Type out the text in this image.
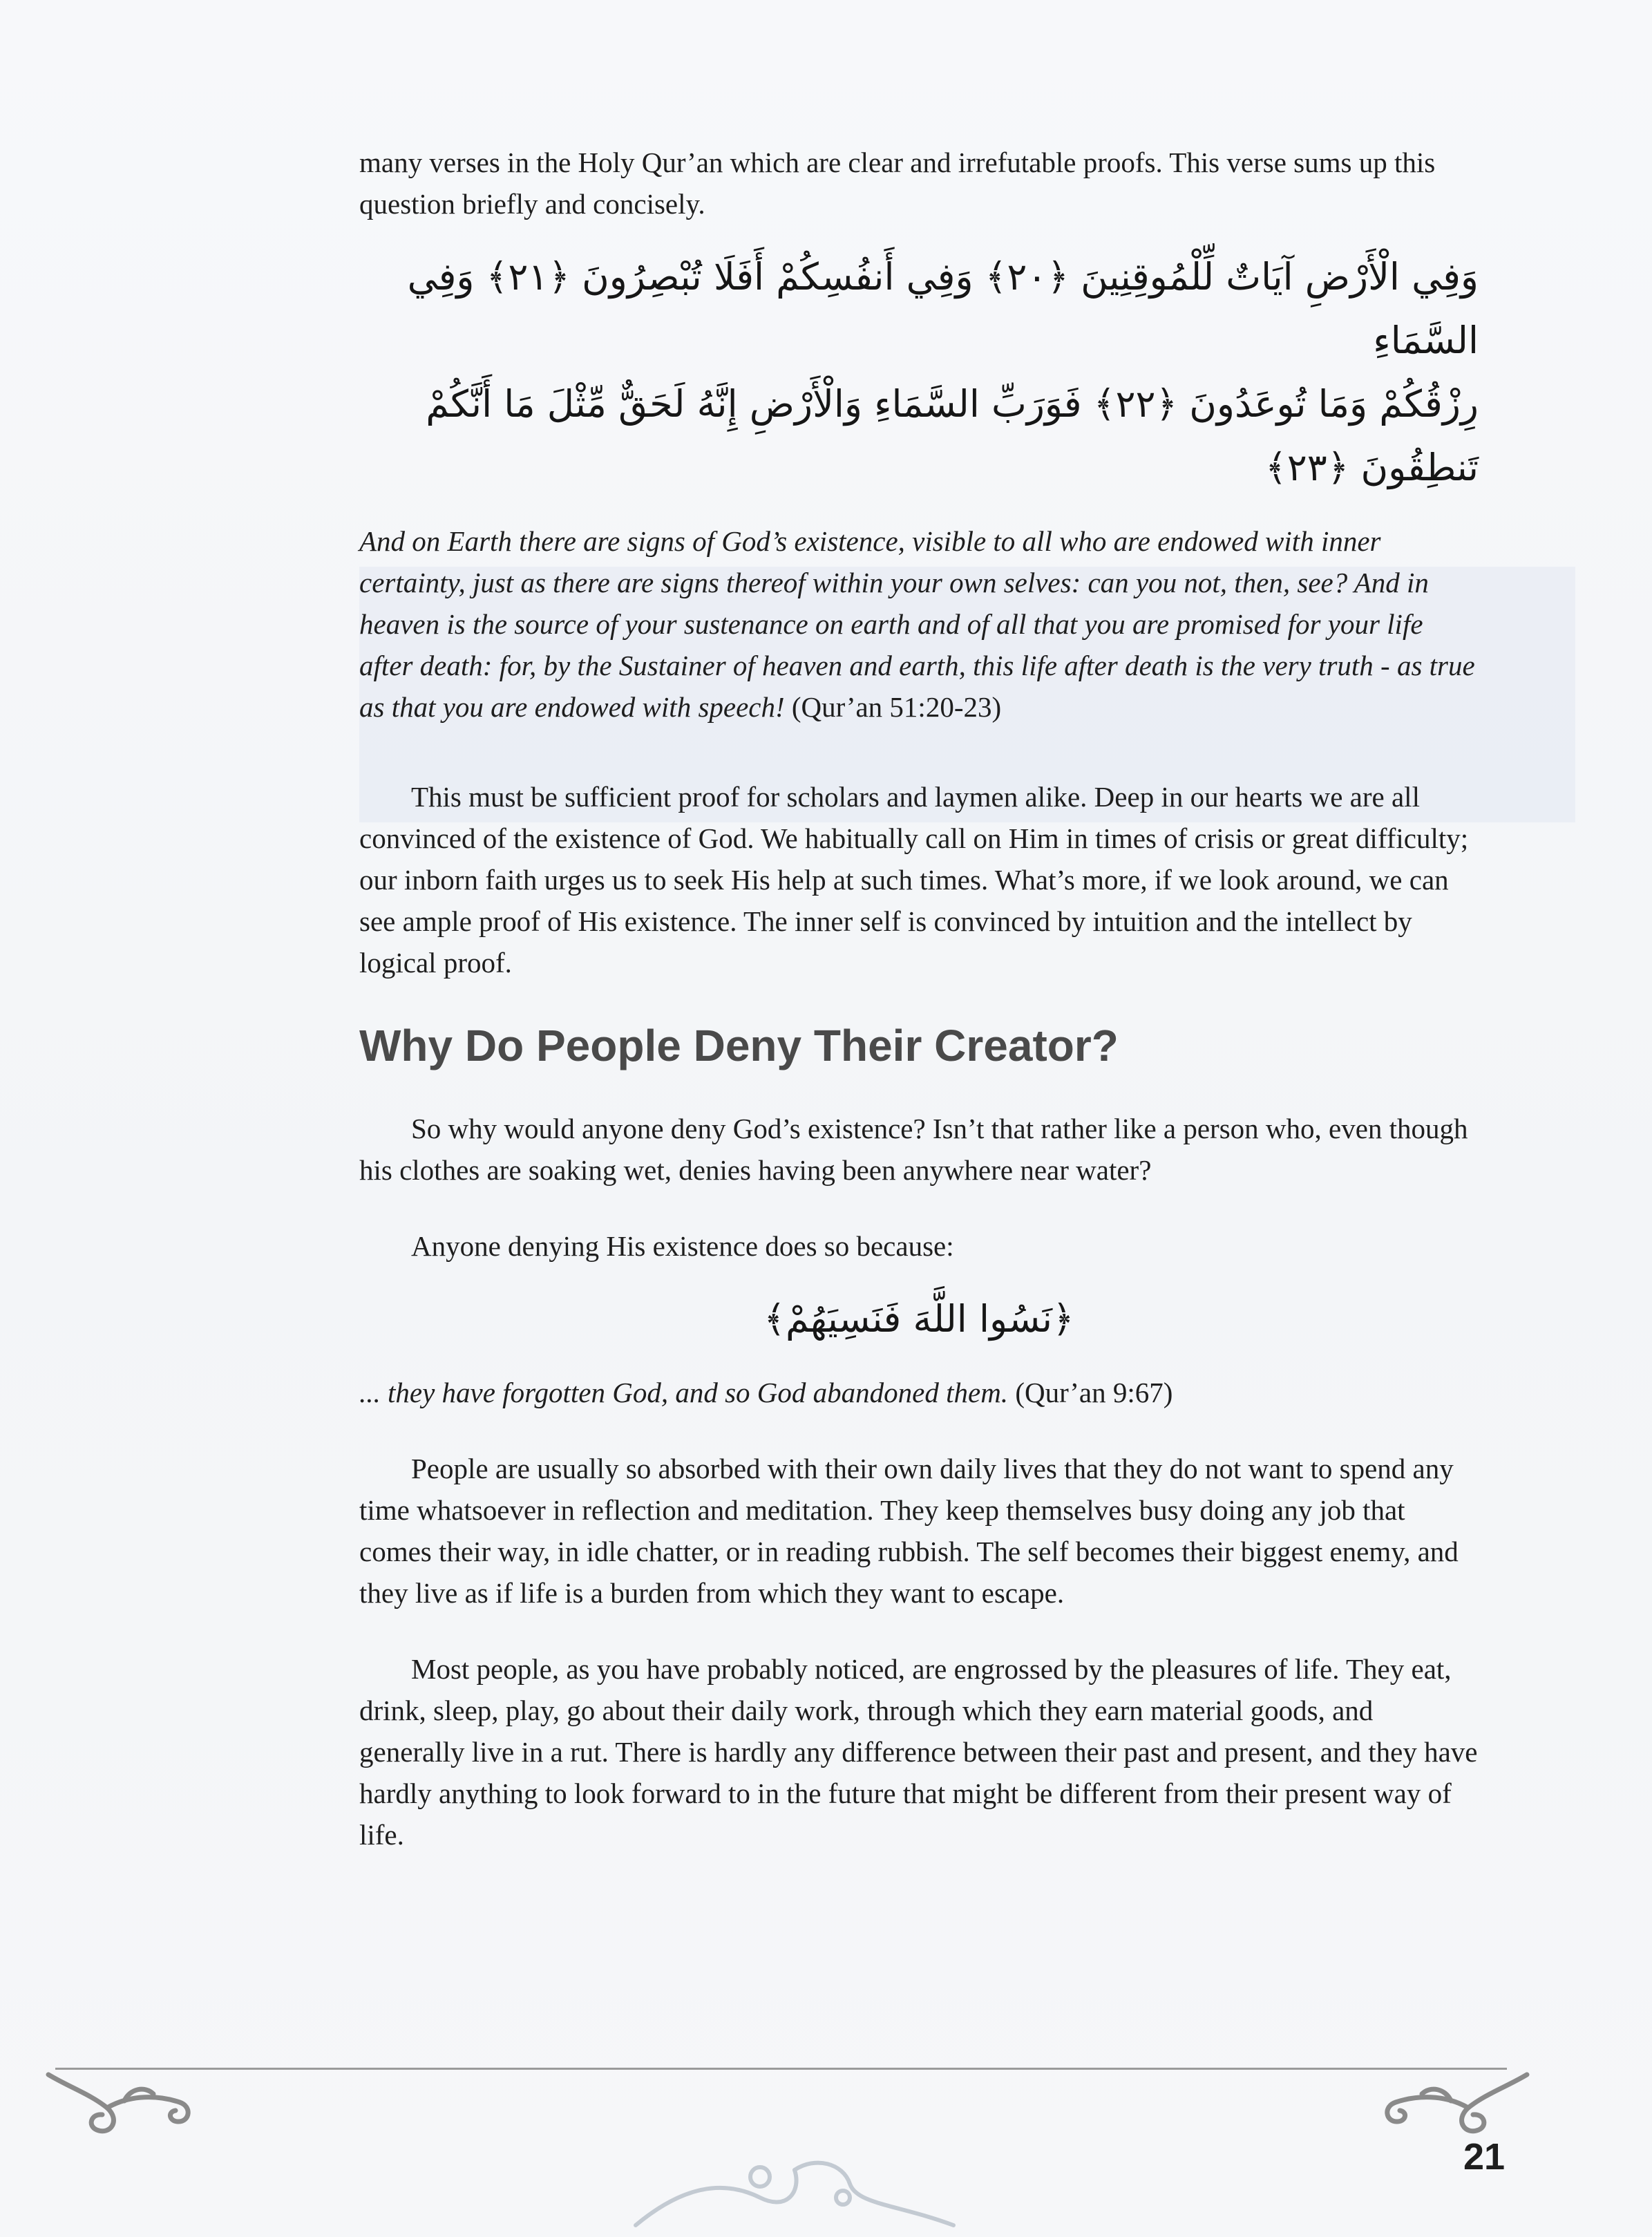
many verses in the Holy Qur’an which are clear and irrefutable proofs. This verse sums up this question briefly and concisely.

وَفِي الْأَرْضِ آيَاتٌ لِّلْمُوقِنِينَ ﴿٢٠﴾ وَفِي أَنفُسِكُمْ أَفَلَا تُبْصِرُونَ ﴿٢١﴾ وَفِي السَّمَاءِ
رِزْقُكُمْ وَمَا تُوعَدُونَ ﴿٢٢﴾ فَوَرَبِّ السَّمَاءِ وَالْأَرْضِ إِنَّهُ لَحَقٌّ مِّثْلَ مَا أَنَّكُمْ تَنطِقُونَ ﴿٢٣﴾

And on Earth there are signs of God’s existence, visible to all who are endowed with inner certainty, just as there are signs thereof within your own selves: can you not, then, see? And in heaven is the source of your sustenance on earth and of all that you are promised for your life after death: for, by the Sustainer of heaven and earth, this life after death is the very truth - as true as that you are endowed with speech! (Qur’an 51:20-23)

This must be sufficient proof for scholars and laymen alike. Deep in our hearts we are all convinced of the existence of God. We habitually call on Him in times of crisis or great difficulty; our inborn faith urges us to seek His help at such times. What’s more, if we look around, we can see ample proof of His existence. The inner self is convinced by intuition and the intellect by logical proof.

Why Do People Deny Their Creator?

So why would anyone deny God’s existence? Isn’t that rather like a person who, even though his clothes are soaking wet, denies having been anywhere near water?

Anyone denying His existence does so because:

﴿نَسُوا اللَّهَ فَنَسِيَهُمْ﴾

... they have forgotten God, and so God abandoned them. (Qur’an 9:67)

People are usually so absorbed with their own daily lives that they do not want to spend any time whatsoever in reflection and meditation. They keep themselves busy doing any job that comes their way, in idle chatter, or in reading rubbish. The self becomes their biggest enemy, and they live as if life is a burden from which they want to escape.

Most people, as you have probably noticed, are engrossed by the pleasures of life. They eat, drink, sleep, play, go about their daily work, through which they earn material goods, and generally live in a rut. There is hardly any difference between their past and present, and they have hardly anything to look forward to in the future that might be different from their present way of life.

21
